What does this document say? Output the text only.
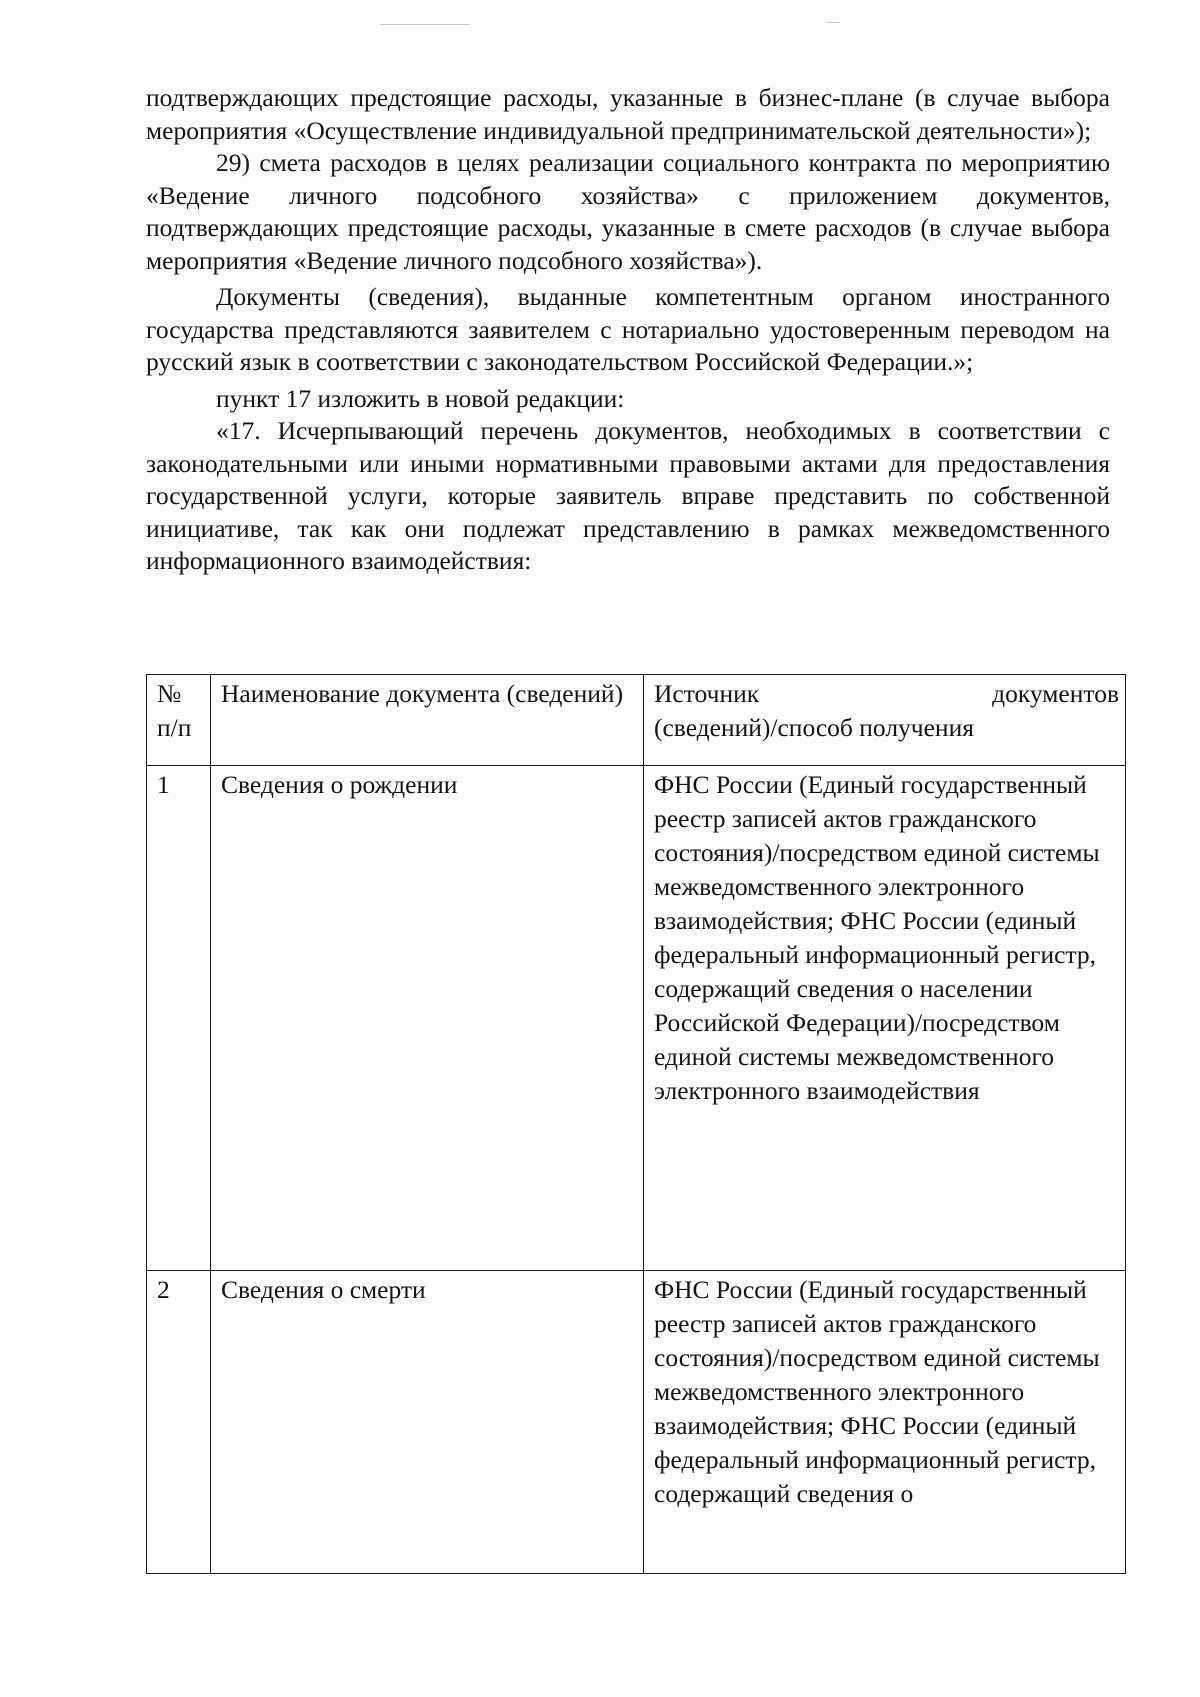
подтверждающих предстоящие расходы, указанные в бизнес-плане (в случае выбора мероприятия «Осуществление индивидуальной предпринимательской деятельности»);

29) смета расходов в целях реализации социального контракта по мероприятию «Ведение личного подсобного хозяйства» с приложением документов, подтверждающих предстоящие расходы, указанные в смете расходов (в случае выбора мероприятия «Ведение личного подсобного хозяйства»).

Документы (сведения), выданные компетентным органом иностранного государства представляются заявителем с нотариально удостоверенным переводом на русский язык в соответствии с законодательством Российской Федерации.»;

пункт 17 изложить в новой редакции:

«17. Исчерпывающий перечень документов, необходимых в соответствии с законодательными или иными нормативными правовыми актами для предоставления государственной услуги, которые заявитель вправе представить по собственной инициативе, так как они подлежат представлению в рамках межведомственного информационного взаимодействия:

№ п/п	Наименование документа (сведений)	Источник документов
(сведений)/способ получения

1	Сведения о рождении	ФНС России (Единый государственный реестр записей актов гражданского состояния)/посредством единой системы межведомственного электронного взаимодействия; ФНС России (единый федеральный информационный регистр, содержащий сведения о населении Российской Федерации)/посредством единой системы межведомственного электронного взаимодействия
2	Сведения о смерти	ФНС России (Единый государственный реестр записей актов гражданского состояния)/посредством единой системы межведомственного электронного взаимодействия; ФНС России (единый федеральный информационный регистр, содержащий сведения о
